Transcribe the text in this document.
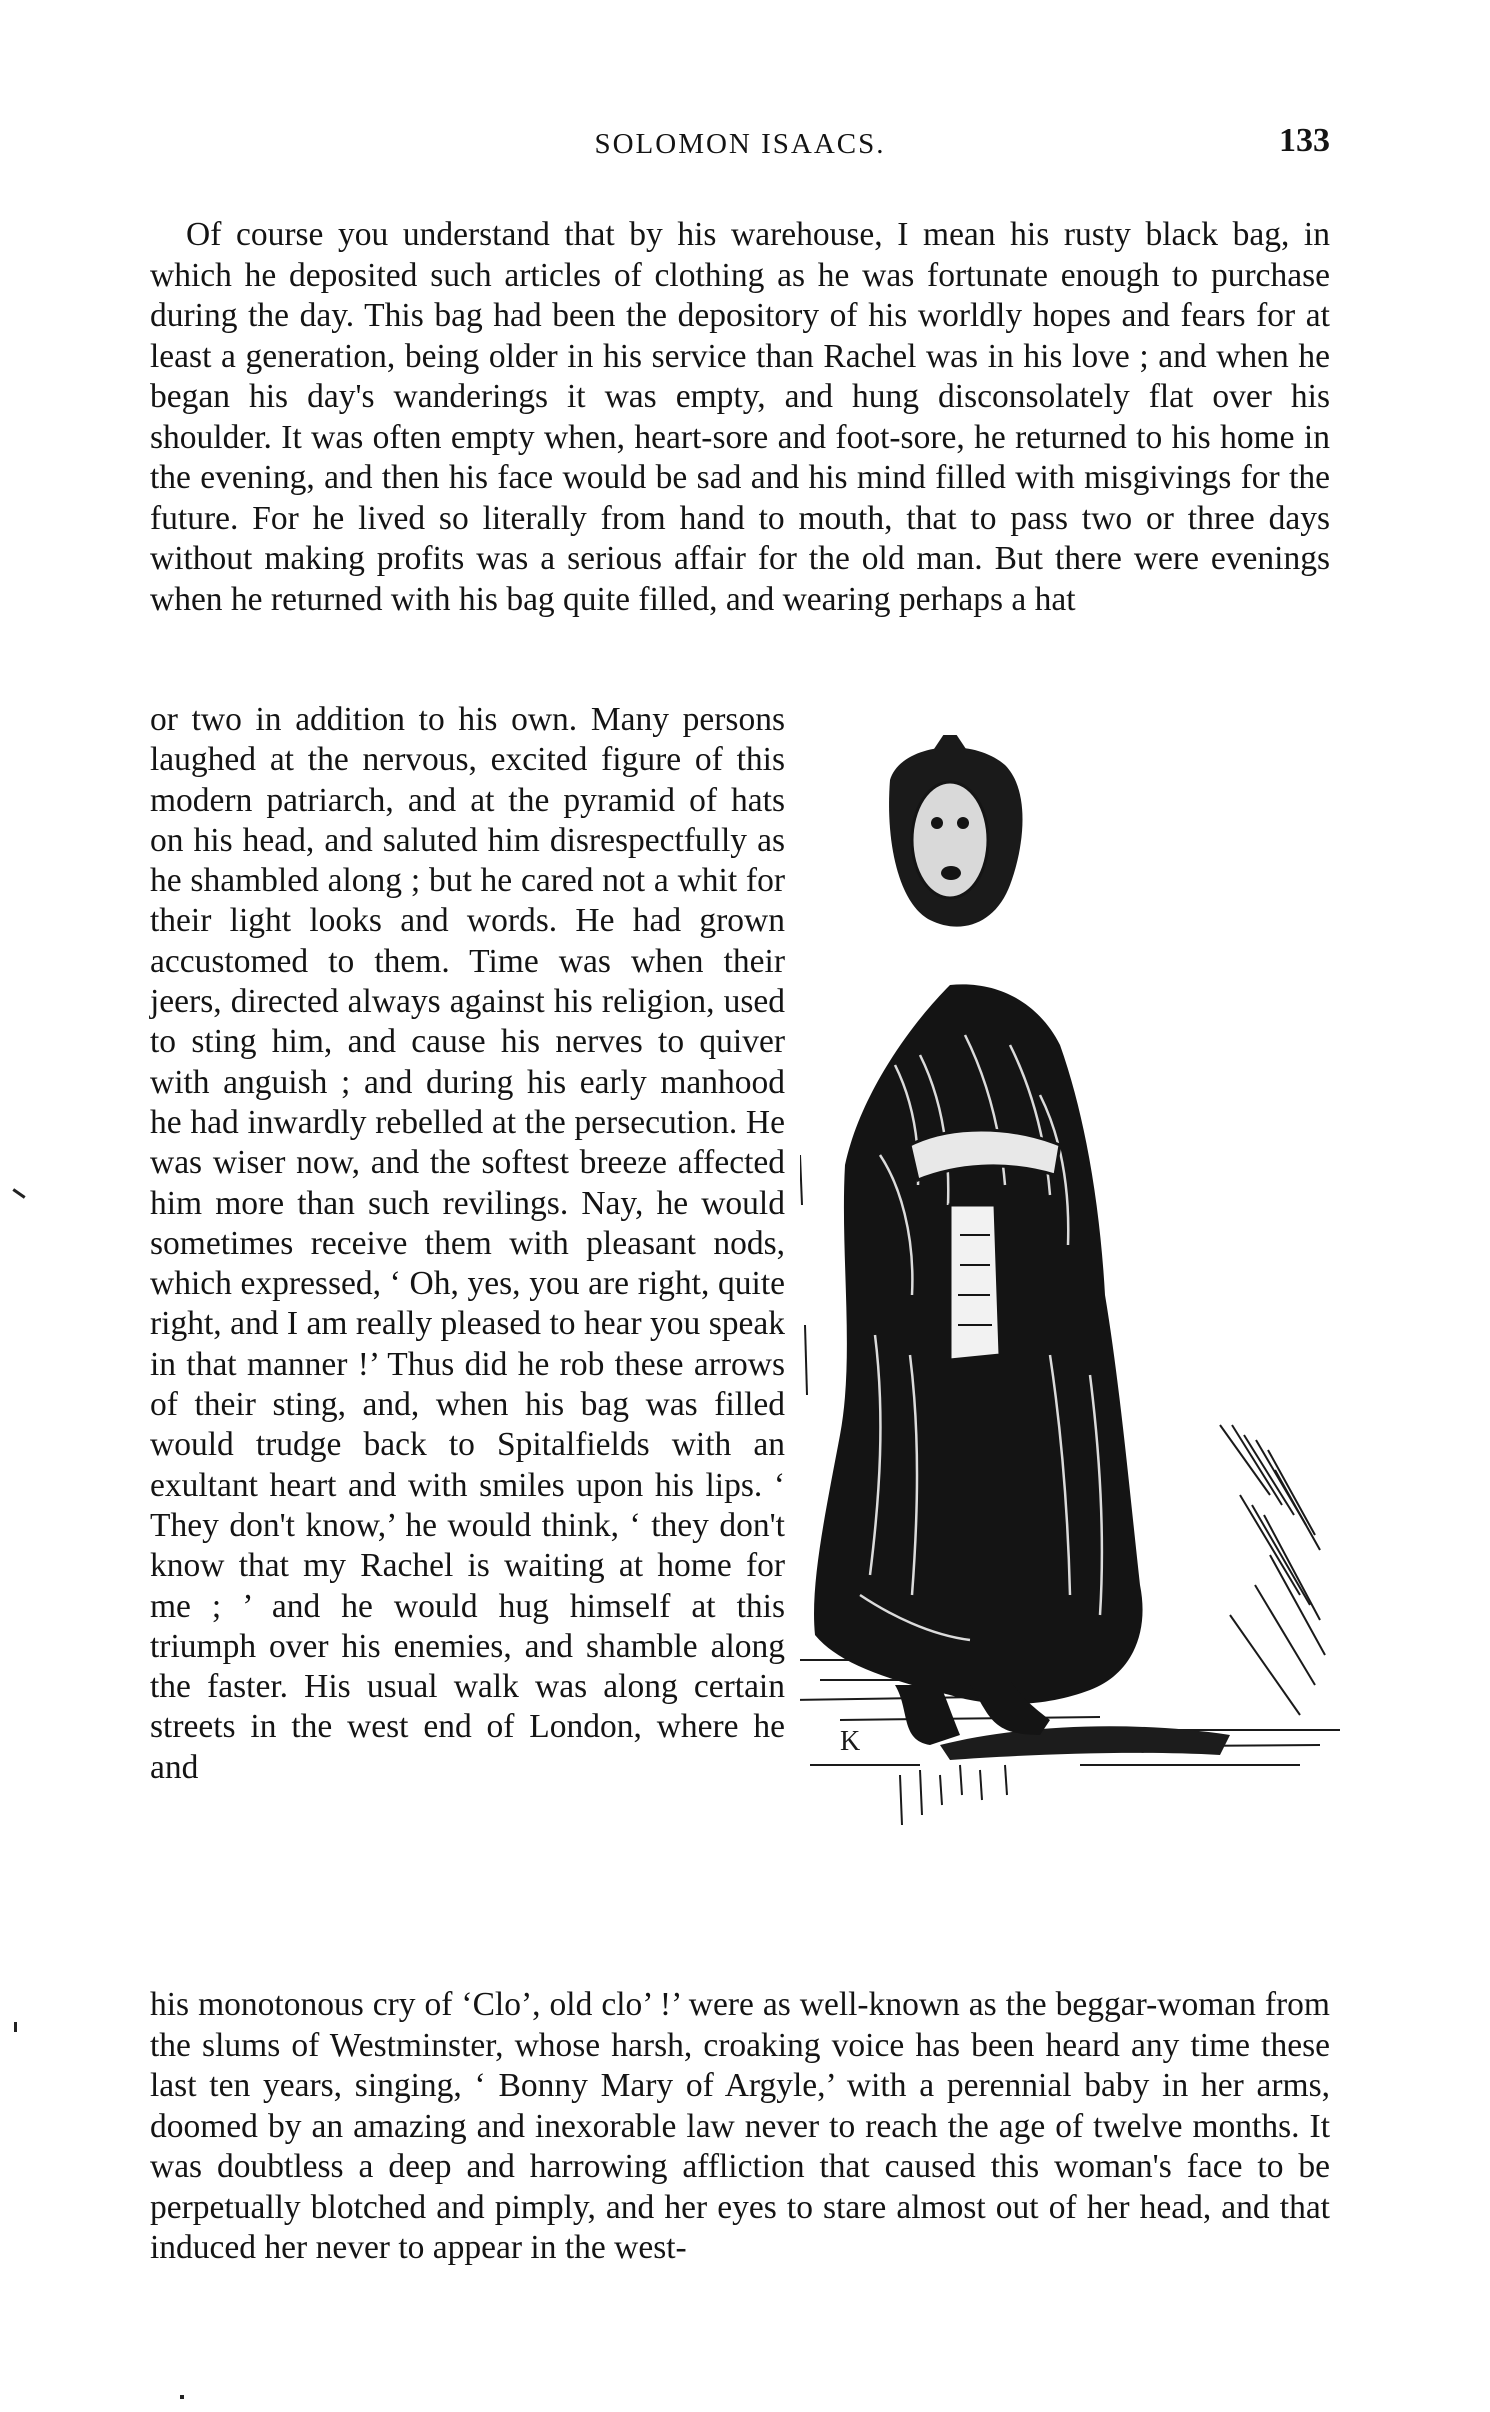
SOLOMON ISAACS.	133

Of course you understand that by his warehouse, I mean his rusty black bag, in which he deposited such articles of clothing as he was fortunate enough to purchase during the day. This bag had been the depository of his worldly hopes and fears for at least a generation, being older in his service than Rachel was in his love ; and when he began his day's wanderings it was empty, and hung disconsolately flat over his shoulder. It was often empty when, heart-sore and foot-sore, he returned to his home in the evening, and then his face would be sad and his mind filled with misgivings for the future. For he lived so literally from hand to mouth, that to pass two or three days without making profits was a serious affair for the old man. But there were evenings when he returned with his bag quite filled, and wearing perhaps a hat

or two in addition to his own. Many persons laughed at the nervous, excited figure of this modern patriarch, and at the pyramid of hats on his head, and saluted him disrespectfully as he shambled along ; but he cared not a whit for their light looks and words. He had grown accustomed to them. Time was when their jeers, directed always against his religion, used to sting him, and cause his nerves to quiver with anguish ; and during his early manhood he had inwardly rebelled at the persecution. He was wiser now, and the softest breeze affected him more than such revilings. Nay, he would sometimes receive them with pleasant nods, which expressed, ‘ Oh, yes, you are right, quite right, and I am really pleased to hear you speak in that manner !’ Thus did he rob these arrows of their sting, and, when his bag was filled would trudge back to Spitalfields with an exultant heart and with smiles upon his lips. ‘ They don't know,’ he would think, ‘ they don't know that my Rachel is waiting at home for me ; ’ and he would hug himself at this triumph over his enemies, and shamble along the faster. His usual walk was along certain streets in the west end of London, where he and

K

his monotonous cry of ‘Clo’, old clo’ !’ were as well-known as the beggar-woman from the slums of Westminster, whose harsh, croaking voice has been heard any time these last ten years, singing, ‘ Bonny Mary of Argyle,’ with a perennial baby in her arms, doomed by an amazing and inexorable law never to reach the age of twelve months. It was doubtless a deep and harrowing affliction that caused this woman's face to be perpetually blotched and pimply, and her eyes to stare almost out of her head, and that induced her never to appear in the west-
